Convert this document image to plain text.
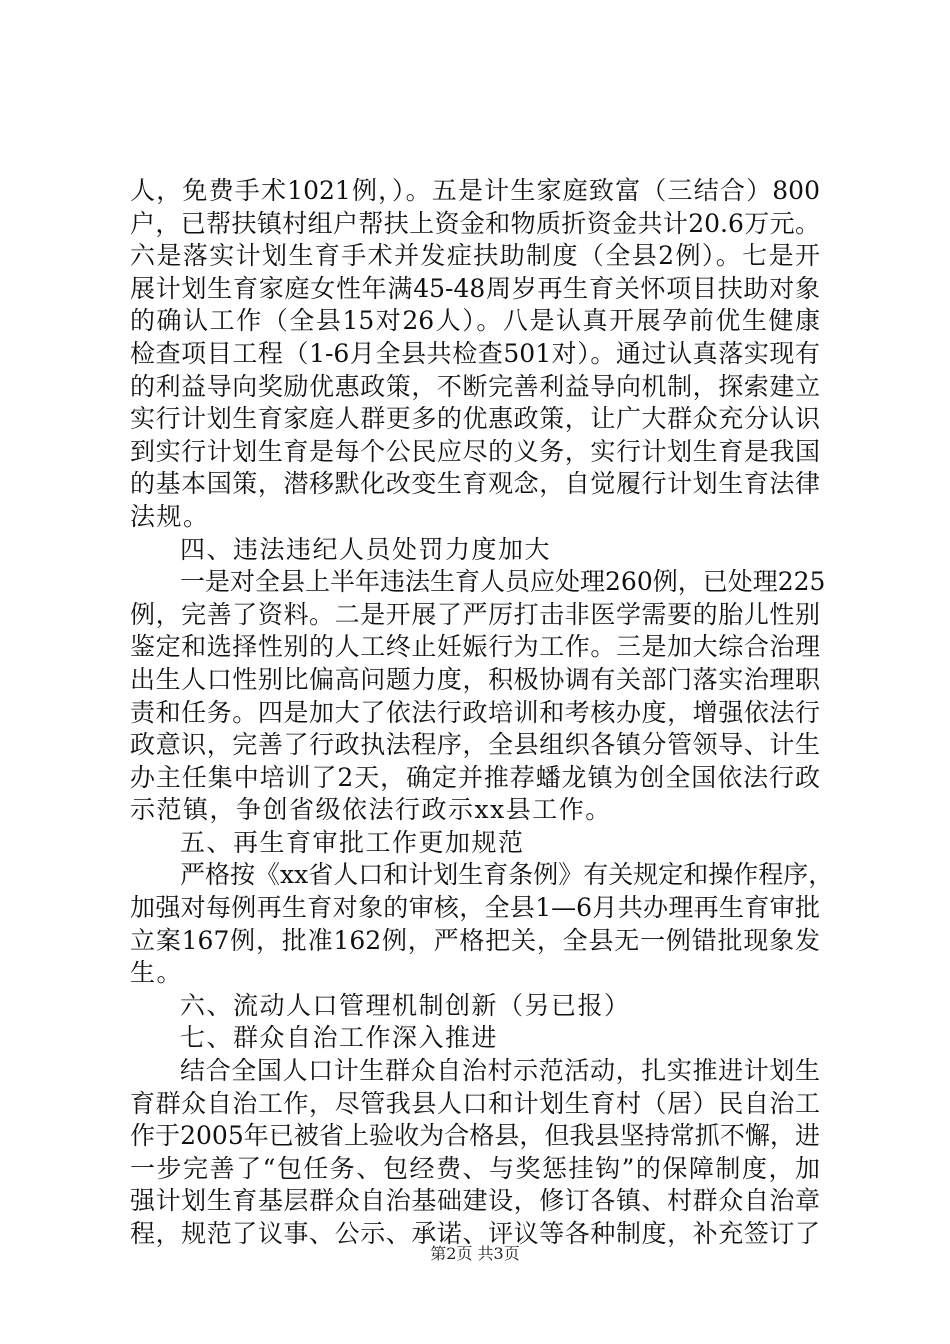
人，免费手术1021例，）。五是计生家庭致富（三结合）800
户，已帮扶镇村组户帮扶上资金和物质折资金共计20.6万元。
六是落实计划生育手术并发症扶助制度（全县2例）。七是开
展计划生育家庭女性年满45-48周岁再生育关怀项目扶助对象
的确认工作（全县15对26人）。八是认真开展孕前优生健康
检查项目工程（1-6月全县共检查501对）。通过认真落实现有
的利益导向奖励优惠政策，不断完善利益导向机制，探索建立
实行计划生育家庭人群更多的优惠政策，让广大群众充分认识
到实行计划生育是每个公民应尽的义务，实行计划生育是我国
的基本国策，潜移默化改变生育观念，自觉履行计划生育法律
法规。
四、违法违纪人员处罚力度加大
一是对全县上半年违法生育人员应处理260例，已处理225
例，完善了资料。二是开展了严厉打击非医学需要的胎儿性别
鉴定和选择性别的人工终止妊娠行为工作。三是加大综合治理
出生人口性别比偏高问题力度，积极协调有关部门落实治理职
责和任务。四是加大了依法行政培训和考核办度，增强依法行
政意识，完善了行政执法程序，全县组织各镇分管领导、计生
办主任集中培训了2天，确定并推荐蟠龙镇为创全国依法行政
示范镇，争创省级依法行政示xx县工作。
五、再生育审批工作更加规范
严格按《xx省人口和计划生育条例》有关规定和操作程序，
加强对每例再生育对象的审核，全县1—6月共办理再生育审批
立案167例，批准162例，严格把关，全县无一例错批现象发
生。
六、流动人口管理机制创新（另已报）
七、群众自治工作深入推进
结合全国人口计生群众自治村示范活动，扎实推进计划生
育群众自治工作，尽管我县人口和计划生育村（居）民自治工
作于2005年已被省上验收为合格县，但我县坚持常抓不懈，进
一步完善了“包任务、包经费、与奖惩挂钩”的保障制度，加
强计划生育基层群众自治基础建设，修订各镇、村群众自治章
程，规范了议事、公示、承诺、评议等各种制度，补充签订了
第2页 共3页
